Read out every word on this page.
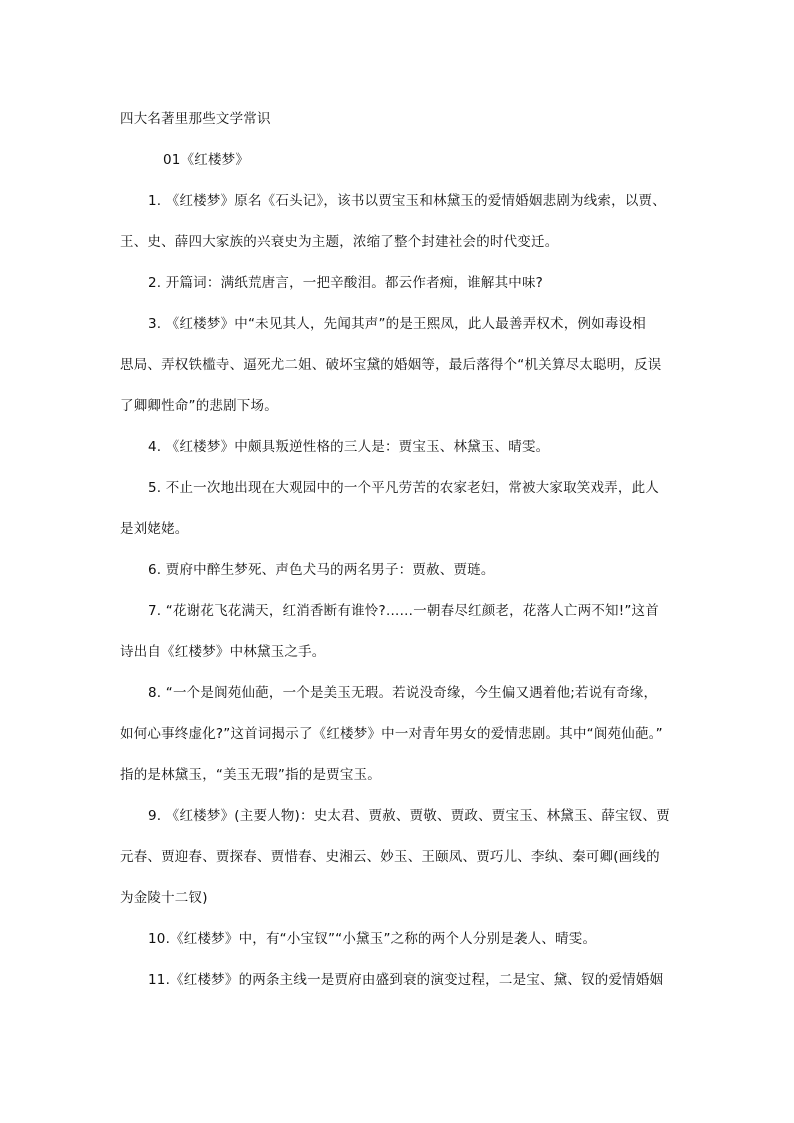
四大名著里那些文学常识

01《红楼梦》

1. 《红楼梦》原名《石头记》，该书以贾宝玉和林黛玉的爱情婚姻悲剧为线索，以贾、

王、史、薛四大家族的兴衰史为主题，浓缩了整个封建社会的时代变迁。

2. 开篇词：满纸荒唐言，一把辛酸泪。都云作者痴，谁解其中味?

3. 《红楼梦》中“未见其人，先闻其声”的是王熙凤，此人最善弄权术，例如毒设相

思局、弄权铁槛寺、逼死尤二姐、破坏宝黛的婚姻等，最后落得个“机关算尽太聪明，反误

了卿卿性命”的悲剧下场。

4. 《红楼梦》中颇具叛逆性格的三人是：贾宝玉、林黛玉、晴雯。

5. 不止一次地出现在大观园中的一个平凡劳苦的农家老妇，常被大家取笑戏弄，此人

是刘姥姥。

6. 贾府中醉生梦死、声色犬马的两名男子：贾赦、贾琏。

7. “花谢花飞花满天，红消香断有谁怜?……一朝春尽红颜老，花落人亡两不知!”这首

诗出自《红楼梦》中林黛玉之手。

8. “一个是阆苑仙葩，一个是美玉无瑕。若说没奇缘，今生偏又遇着他;若说有奇缘，

如何心事终虚化?”这首词揭示了《红楼梦》中一对青年男女的爱情悲剧。其中“阆苑仙葩。”

指的是林黛玉，“美玉无瑕”指的是贾宝玉。

9. 《红楼梦》(主要人物)：史太君、贾赦、贾敬、贾政、贾宝玉、林黛玉、薛宝钗、贾

元春、贾迎春、贾探春、贾惜春、史湘云、妙玉、王颐凤、贾巧儿、李纨、秦可卿(画线的

为金陵十二钗)

10.《红楼梦》中，有“小宝钗”“小黛玉”之称的两个人分别是袭人、晴雯。

11.《红楼梦》的两条主线一是贾府由盛到衰的演变过程，二是宝、黛、钗的爱情婚姻
